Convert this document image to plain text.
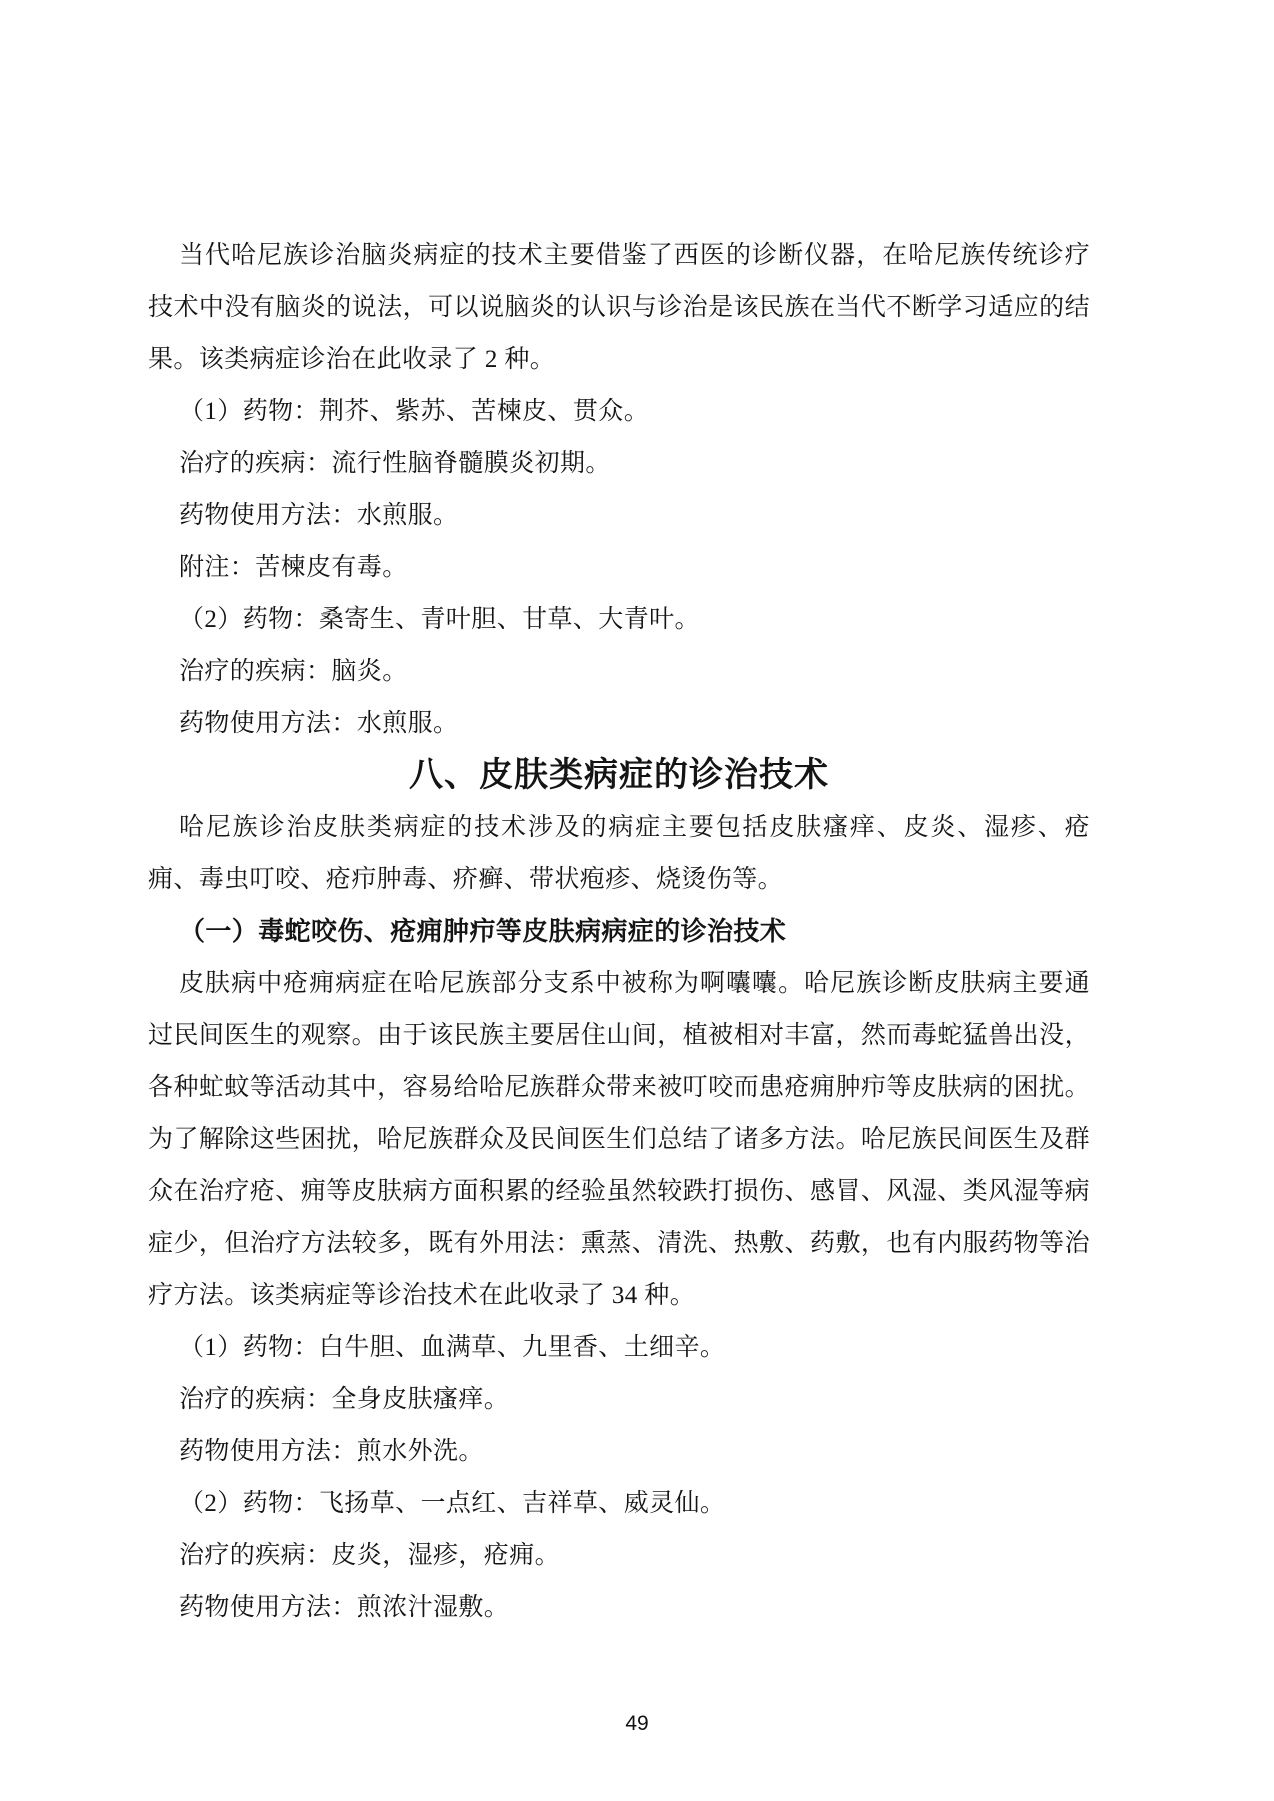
当代哈尼族诊治脑炎病症的技术主要借鉴了西医的诊断仪器，在哈尼族传统诊疗技术中没有脑炎的说法，可以说脑炎的认识与诊治是该民族在当代不断学习适应的结果。该类病症诊治在此收录了 2 种。

（1）药物：荆芥、紫苏、苦楝皮、贯众。

治疗的疾病：流行性脑脊髓膜炎初期。

药物使用方法：水煎服。

附注：苦楝皮有毒。

（2）药物：桑寄生、青叶胆、甘草、大青叶。

治疗的疾病：脑炎。

药物使用方法：水煎服。

八、皮肤类病症的诊治技术

哈尼族诊治皮肤类病症的技术涉及的病症主要包括皮肤瘙痒、皮炎、湿疹、疮痈、毒虫叮咬、疮疖肿毒、疥癣、带状疱疹、烧烫伤等。

（一）毒蛇咬伤、疮痈肿疖等皮肤病病症的诊治技术

皮肤病中疮痈病症在哈尼族部分支系中被称为啊囔囔。哈尼族诊断皮肤病主要通过民间医生的观察。由于该民族主要居住山间，植被相对丰富，然而毒蛇猛兽出没，各种虻蚊等活动其中，容易给哈尼族群众带来被叮咬而患疮痈肿疖等皮肤病的困扰。为了解除这些困扰，哈尼族群众及民间医生们总结了诸多方法。哈尼族民间医生及群众在治疗疮、痈等皮肤病方面积累的经验虽然较跌打损伤、感冒、风湿、类风湿等病症少，但治疗方法较多，既有外用法：熏蒸、清洗、热敷、药敷，也有内服药物等治疗方法。该类病症等诊治技术在此收录了 34 种。

（1）药物：白牛胆、血满草、九里香、土细辛。

治疗的疾病：全身皮肤瘙痒。

药物使用方法：煎水外洗。

（2）药物：飞扬草、一点红、吉祥草、威灵仙。

治疗的疾病：皮炎，湿疹，疮痈。

药物使用方法：煎浓汁湿敷。

49
